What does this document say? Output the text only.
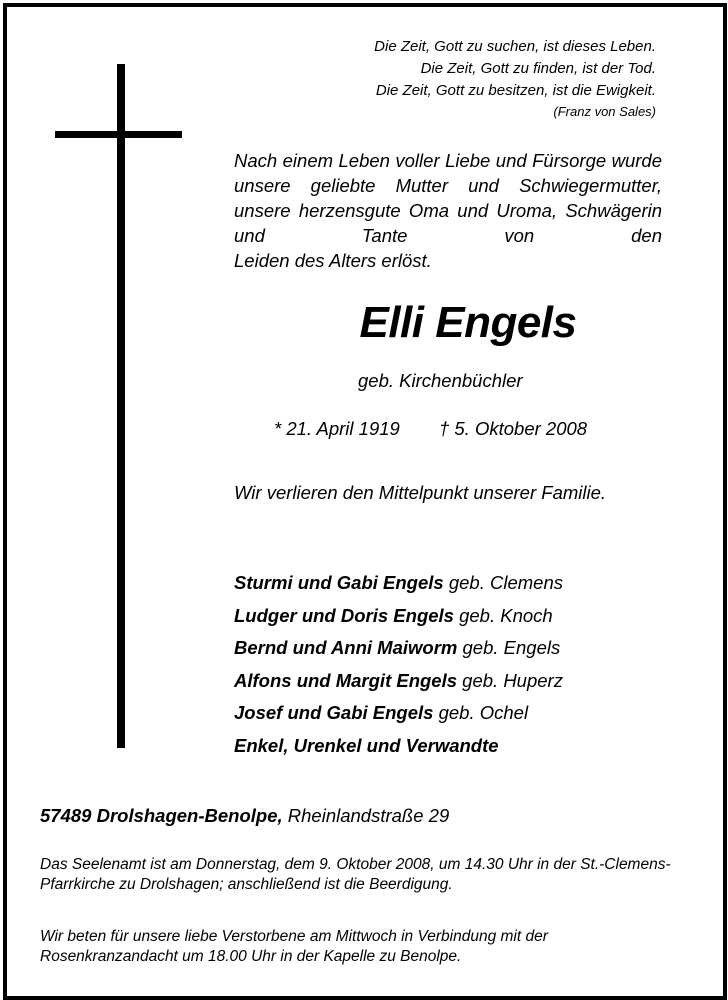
Die Zeit, Gott zu suchen, ist dieses Leben.
Die Zeit, Gott zu finden, ist der Tod.
Die Zeit, Gott zu besitzen, ist die Ewigkeit.
(Franz von Sales)
Nach einem Leben voller Liebe und Fürsorge wurde unsere geliebte Mutter und Schwiegermutter, unsere herzensgute Oma und Uroma, Schwägerin und Tante von den
Leiden des Alters erlöst.
Elli Engels
geb. Kirchenbüchler
* 21. April 1919 † 5. Oktober 2008
Wir verlieren den Mittelpunkt unserer Familie.
Sturmi und Gabi Engels geb. Clemens
Ludger und Doris Engels geb. Knoch
Bernd und Anni Maiworm geb. Engels
Alfons und Margit Engels geb. Huperz
Josef und Gabi Engels geb. Ochel
Enkel, Urenkel und Verwandte
57489 Drolshagen-Benolpe, Rheinlandstraße 29
Das Seelenamt ist am Donnerstag, dem 9. Oktober 2008, um 14.30 Uhr in der St.-Clemens-Pfarrkirche zu Drolshagen; anschließend ist die Beerdigung.
Wir beten für unsere liebe Verstorbene am Mittwoch in Verbindung mit der Rosenkranzandacht um 18.00 Uhr in der Kapelle zu Benolpe.
